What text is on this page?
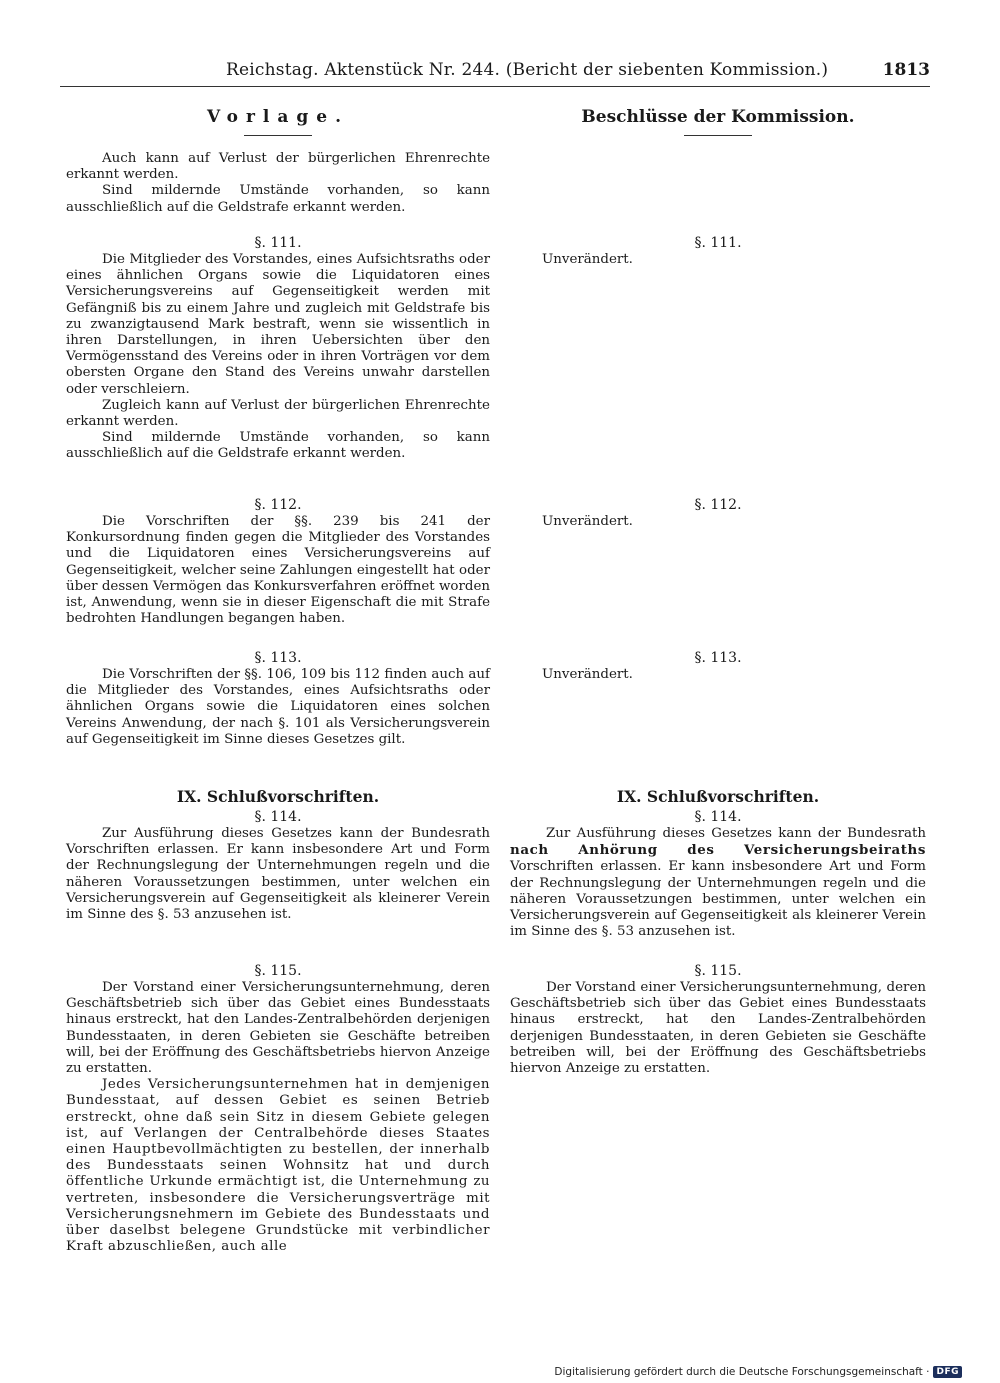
Reichstag. Aktenstück Nr. 244. (Bericht der siebenten Kommission.)	1813
Vorlage.

Auch kann auf Verlust der bürgerlichen Ehrenrechte erkannt werden.

Sind mildernde Umstände vorhanden, so kann ausschließlich auf die Geldstrafe erkannt werden.

§. 111.

Die Mitglieder des Vorstandes, eines Aufsichtsraths oder eines ähnlichen Organs sowie die Liquidatoren eines Versicherungsvereins auf Gegenseitigkeit werden mit Gefängniß bis zu einem Jahre und zugleich mit Geldstrafe bis zu zwanzigtausend Mark bestraft, wenn sie wissentlich in ihren Darstellungen, in ihren Uebersichten über den Vermögensstand des Vereins oder in ihren Vorträgen vor dem obersten Organe den Stand des Vereins unwahr darstellen oder verschleiern.

Zugleich kann auf Verlust der bürgerlichen Ehrenrechte erkannt werden.

Sind mildernde Umstände vorhanden, so kann ausschließlich auf die Geldstrafe erkannt werden.

§. 112.

Die Vorschriften der §§. 239 bis 241 der Konkursordnung finden gegen die Mitglieder des Vorstandes und die Liquidatoren eines Versicherungsvereins auf Gegenseitigkeit, welcher seine Zahlungen eingestellt hat oder über dessen Vermögen das Konkursverfahren eröffnet worden ist, Anwendung, wenn sie in dieser Eigenschaft die mit Strafe bedrohten Handlungen begangen haben.

§. 113.

Die Vorschriften der §§. 106, 109 bis 112 finden auch auf die Mitglieder des Vorstandes, eines Aufsichtsraths oder ähnlichen Organs sowie die Liquidatoren eines solchen Vereins Anwendung, der nach §. 101 als Versicherungsverein auf Gegenseitigkeit im Sinne dieses Gesetzes gilt.

IX. Schlußvorschriften.
§. 114.

Zur Ausführung dieses Gesetzes kann der Bundesrath Vorschriften erlassen. Er kann insbesondere Art und Form der Rechnungslegung der Unternehmungen regeln und die näheren Voraussetzungen bestimmen, unter welchen ein Versicherungsverein auf Gegenseitigkeit als kleinerer Verein im Sinne des §. 53 anzusehen ist.

§. 115.

Der Vorstand einer Versicherungsunternehmung, deren Geschäftsbetrieb sich über das Gebiet eines Bundesstaats hinaus erstreckt, hat den Landes-Zentralbehörden derjenigen Bundesstaaten, in deren Gebieten sie Geschäfte betreiben will, bei der Eröffnung des Geschäftsbetriebs hiervon Anzeige zu erstatten.

Jedes Versicherungsunternehmen hat in demjenigen Bundesstaat, auf dessen Gebiet es seinen Betrieb erstreckt, ohne daß sein Sitz in diesem Gebiete gelegen ist, auf Verlangen der Centralbehörde dieses Staates einen Hauptbevollmächtigten zu bestellen, der innerhalb des Bundesstaats seinen Wohnsitz hat und durch öffentliche Urkunde ermächtigt ist, die Unternehmung zu vertreten, insbesondere die Versicherungsverträge mit Versicherungsnehmern im Gebiete des Bundesstaats und über daselbst belegene Grundstücke mit verbindlicher Kraft abzuschließen, auch alle

Beschlüsse der Kommission.
§. 111.

Unverändert.

§. 112.

Unverändert.

§. 113.

Unverändert.

IX. Schlußvorschriften.
§. 114.

Zur Ausführung dieses Gesetzes kann der Bundesrath nach Anhörung des Versicherungsbeiraths Vorschriften erlassen. Er kann insbesondere Art und Form der Rechnungslegung der Unternehmungen regeln und die näheren Voraussetzungen bestimmen, unter welchen ein Versicherungsverein auf Gegenseitigkeit als kleinerer Verein im Sinne des §. 53 anzusehen ist.

§. 115.

Der Vorstand einer Versicherungsunternehmung, deren Geschäftsbetrieb sich über das Gebiet eines Bundesstaats hinaus erstreckt, hat den Landes-Zentralbehörden derjenigen Bundesstaaten, in deren Gebieten sie Geschäfte betreiben will, bei der Eröffnung des Geschäftsbetriebs hiervon Anzeige zu erstatten.

Digitalisierung gefördert durch die Deutsche Forschungsgemeinschaft · DFG
